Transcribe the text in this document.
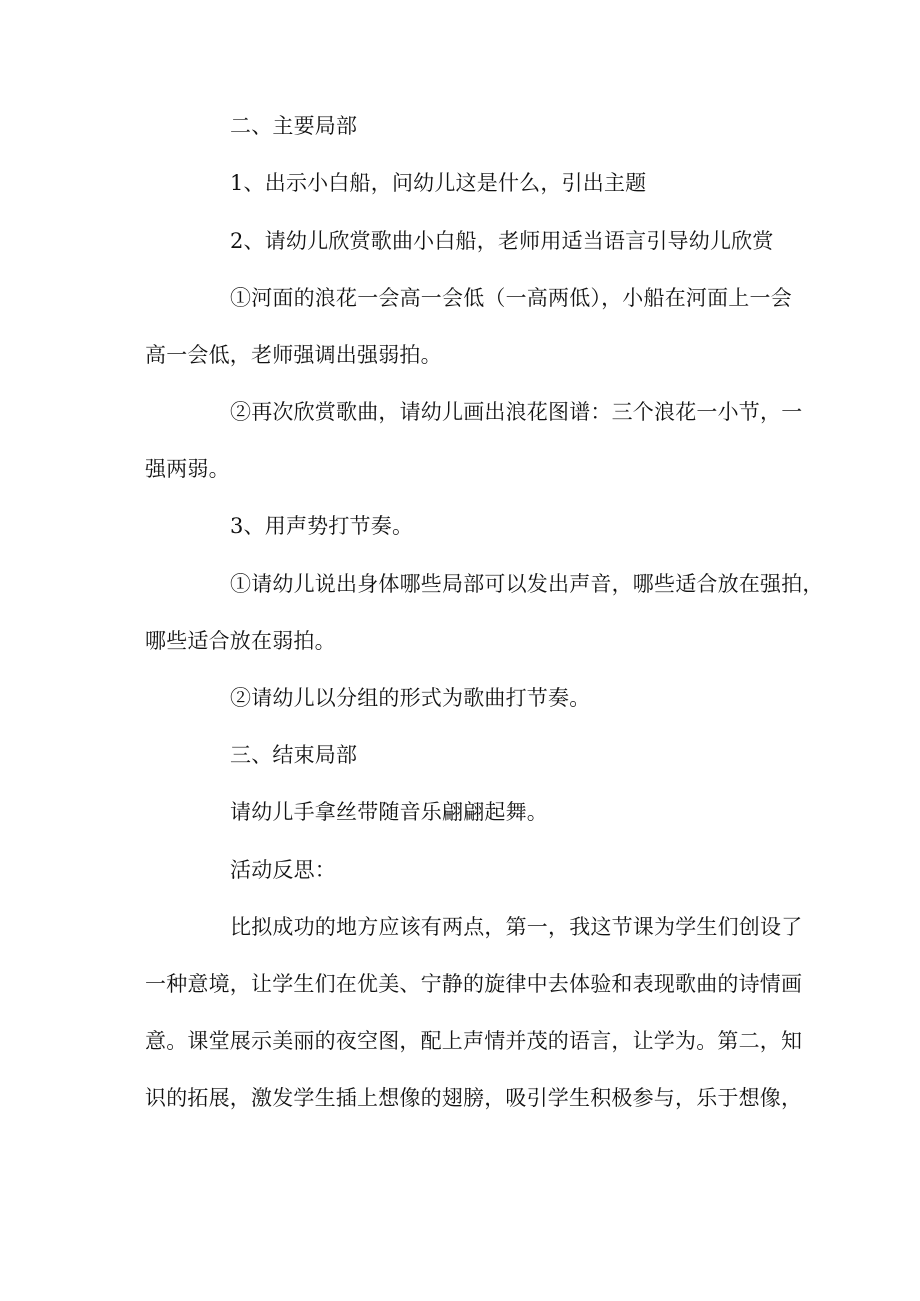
二、主要局部
1、出示小白船，问幼儿这是什么，引出主题
2、请幼儿欣赏歌曲小白船，老师用适当语言引导幼儿欣赏
①河面的浪花一会高一会低（一高两低），小船在河面上一会
高一会低，老师强调出强弱拍。
②再次欣赏歌曲，请幼儿画出浪花图谱：三个浪花一小节，一
强两弱。
3、用声势打节奏。
①请幼儿说出身体哪些局部可以发出声音，哪些适合放在强拍，
哪些适合放在弱拍。
②请幼儿以分组的形式为歌曲打节奏。
三、结束局部
请幼儿手拿丝带随音乐翩翩起舞。
活动反思：
比拟成功的地方应该有两点，第一，我这节课为学生们创设了
一种意境，让学生们在优美、宁静的旋律中去体验和表现歌曲的诗情画
意。课堂展示美丽的夜空图，配上声情并茂的语言，让学为。第二，知
识的拓展，激发学生插上想像的翅膀，吸引学生积极参与，乐于想像，
